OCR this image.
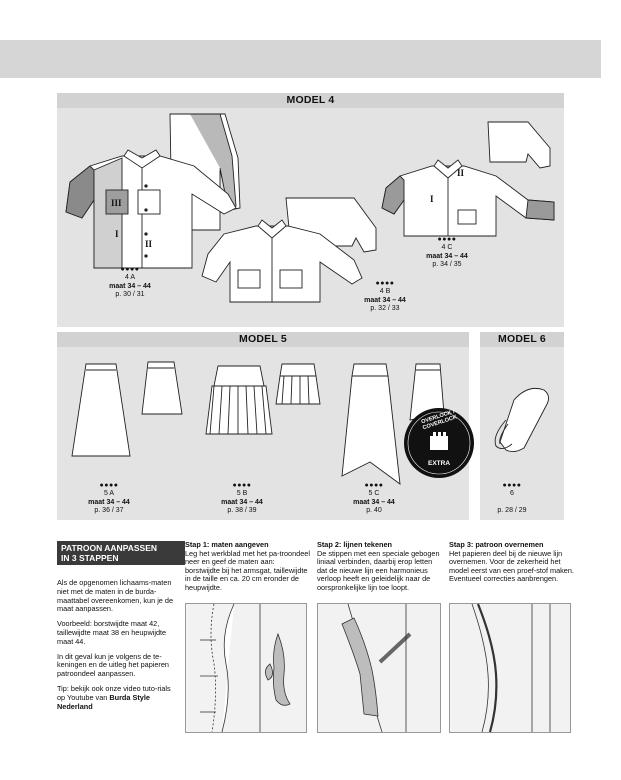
MODEL 4
III
I
II
I
II
●●●●
4 A
maat 34 – 44
p. 30 / 31
●●●●
4 B
maat 34 – 44
p. 32 / 33
●●●●
4 C
maat 34 – 44
p. 34 / 35
MODEL 5
OVERLOCK / COVERLOCK
EXTRA
●●●●
5 A
maat 34 – 44
p. 36 / 37
●●●●
5 B
maat 34 – 44
p. 38 / 39
●●●●
5 C
maat 34 – 44
p. 40
MODEL 6
●●●●
6
p. 28 / 29
PATROON AANPASSEN
IN 3 STAPPEN

Als de opgenomen lichaams-maten niet met de maten in de burda-maattabel overeenkomen, kun je de maat aanpassen.

Voorbeeld: borstwijdte maat 42, taillewijdte maat 38 en heupwijdte maat 44.

In dit geval kun je volgens de te-keningen en de uitleg het papieren patroondeel aanpassen.

Tip: bekijk ook onze video tuto-rials op Youtube van Burda Style Nederland

Stap 1: maten aangeven
Leg het werkblad met het pa-troondeel neer en geef de maten aan: borstwijdte bij het armsgat, taillewijdte in de taille en ca. 20 cm eronder de heupwijdte.
Stap 2: lijnen tekenen
De stippen met een speciale gebogen liniaal verbinden, daarbij erop letten dat de nieuwe lijn een harmonieus verloop heeft en geleidelijk naar de oorspronkelijke lijn toe loopt.
Stap 3: patroon overnemen
Het papieren deel bij de nieuwe lijn overnemen. Voor de zekerheid het model eerst van een proef-stof maken. Eventueel correcties aanbrengen.
